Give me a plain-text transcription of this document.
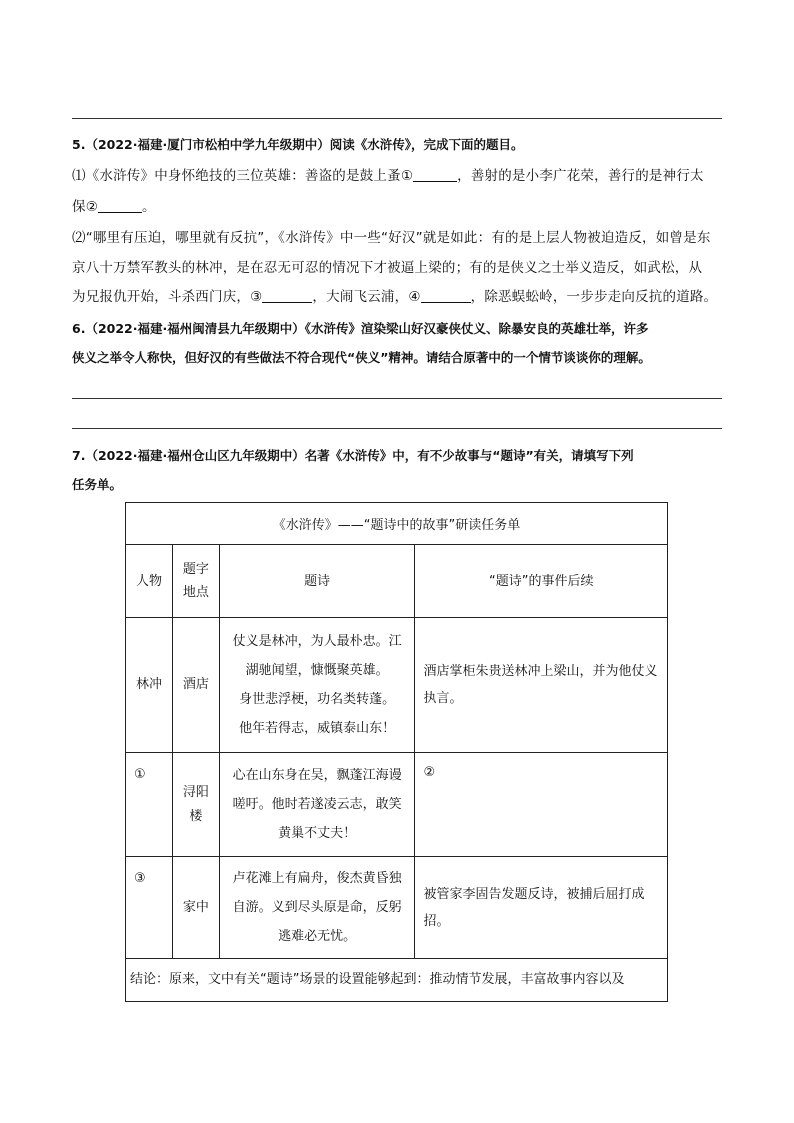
5.（2022·福建·厦门市松柏中学九年级期中）阅读《水浒传》，完成下面的题目。

⑴《水浒传》中身怀绝技的三位英雄：善盗的是鼓上蚤①	，善射的是小李广花荣，善行的是神行太

保②	。

⑵“哪里有压迫，哪里就有反抗”，《水浒传》中一些“好汉”就是如此：有的是上层人物被迫造反，如曾是东

京八十万禁军教头的林冲，是在忍无可忍的情况下才被逼上梁的；有的是侠义之士举义造反，如武松，从

为兄报仇开始，斗杀西门庆，③	，大闹飞云浦，④	，除恶蜈蚣岭，一步步走向反抗的道路。

6.（2022·福建·福州闽清县九年级期中）《水浒传》渲染梁山好汉豪侠仗义、除暴安良的英雄壮举，许多

侠义之举令人称快，但好汉的有些做法不符合现代“侠义”精神。请结合原著中的一个情节谈谈你的理解。

7.（2022·福建·福州仓山区九年级期中）名著《水浒传》中，有不少故事与“题诗”有关，请填写下列

任务单。

《水浒传》——“题诗中的故事”研读任务单			
人物	题字地点	题诗	“题诗”的事件后续
林冲	酒店	仗义是林冲，为人最朴忠。江
湖驰闻望，慷慨聚英雄。
身世悲浮梗，功名类转蓬。
他年若得志，威镇泰山东！	酒店掌柜朱贵送林冲上梁山，并为他仗义执言。
①	浔阳楼	心在山东身在吴，飘蓬江海谩
嗟吁。他时若遂凌云志，敢笑
黄巢不丈夫！	②
③	家中	卢花滩上有扁舟，俊杰黄昏独
自游。义到尽头原是命，反躬
逃难必无忧。	被管家李固告发题反诗，被捕后屈打成招。
结论：原来，文中有关“题诗”场景的设置能够起到：推动情节发展，丰富故事内容以及			
